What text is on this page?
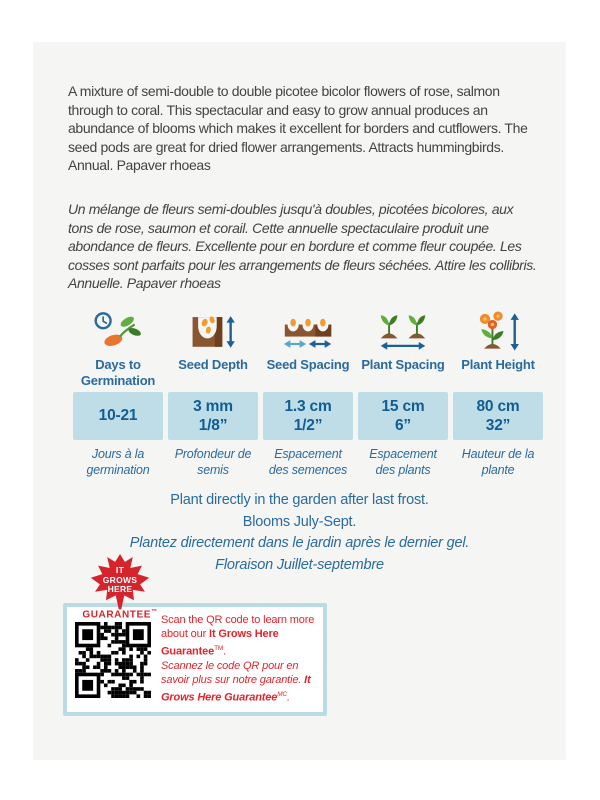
A mixture of semi-double to double picotee bicolor flowers of rose, salmon through to coral. This spectacular and easy to grow annual produces an abundance of blooms which makes it excellent for borders and cutflowers. The seed pods are great for dried flower arrangements. Attracts hummingbirds. Annual. Papaver rhoeas

Un mélange de fleurs semi-doubles jusqu'à doubles, picotées bicolores, aux tons de rose, saumon et corail. Cette annuelle spectaculaire produit une abondance de fleurs. Excellente pour en bordure et comme fleur coupée. Les cosses sont parfaits pour les arrangements de fleurs séchées. Attire les collibris. Annuelle. Papaver rhoeas

Days to Germination
10-21
Jours à la germination
Seed Depth
3 mm
1/8”
Profondeur de semis
Seed Spacing
1.3 cm
1/2”
Espacement des semences
Plant Spacing
15 cm
6”
Espacement des plants
Plant Height
80 cm
32”
Hauteur de la plante
Plant directly in the garden after last frost.
Blooms July-Sept.
Plantez directement dans le jardin après le dernier gel.
Floraison Juillet-septembre
IT
GROWS
HERE
GUARANTEE™

Scan the QR code to learn more about our It Grows Here Guarantee™.

Scannez le code QR pour en savoir plus sur notre garantie. It Grows Here Guarantee$^{MC}$.
